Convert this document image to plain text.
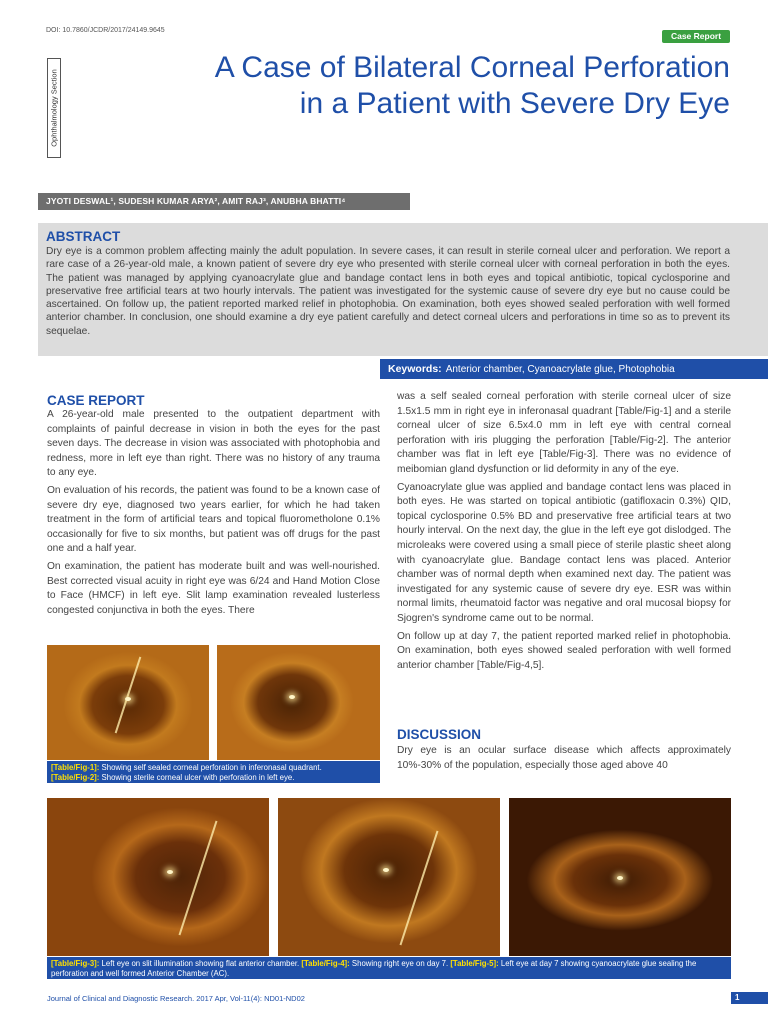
DOI: 10.7860/JCDR/2017/24149.9645
Case Report
Ophthalmology Section
A Case of Bilateral Corneal Perforation in a Patient with Severe Dry Eye
JYOTI DESWAL¹, SUDESH KUMAR ARYA², AMIT RAJ³, ANUBHA BHATTI⁴
ABSTRACT

Dry eye is a common problem affecting mainly the adult population. In severe cases, it can result in sterile corneal ulcer and perforation. We report a rare case of a 26-year-old male, a known patient of severe dry eye who presented with sterile corneal ulcer with corneal perforation in both the eyes. The patient was managed by applying cyanoacrylate glue and bandage contact lens in both eyes and topical antibiotic, topical cyclosporine and preservative free artificial tears at two hourly intervals. The patient was investigated for the systemic cause of severe dry eye but no cause could be ascertained. On follow up, the patient reported marked relief in photophobia. On examination, both eyes showed sealed perforation with well formed anterior chamber. In conclusion, one should examine a dry eye patient carefully and detect corneal ulcers and perforations in time so as to prevent its sequelae.

Keywords: Anterior chamber, Cyanoacrylate glue, Photophobia
CASE REPORT

A 26-year-old male presented to the outpatient department with complaints of painful decrease in vision in both the eyes for the past seven days. The decrease in vision was associated with photophobia and redness, more in left eye than right. There was no history of any trauma to any eye.

On evaluation of his records, the patient was found to be a known case of severe dry eye, diagnosed two years earlier, for which he had taken treatment in the form of artificial tears and topical fluorometholone 0.1% occasionally for five to six months, but patient was off drugs for the past one and a half year.

On examination, the patient has moderate built and was well-nourished. Best corrected visual acuity in right eye was 6/24 and Hand Motion Close to Face (HMCF) in left eye. Slit lamp examination revealed lusterless congested conjunctiva in both the eyes. There

was a self sealed corneal perforation with sterile corneal ulcer of size 1.5x1.5 mm in right eye in inferonasal quadrant [Table/Fig-1] and a sterile corneal ulcer of size 6.5x4.0 mm in left eye with central corneal perforation with iris plugging the perforation [Table/Fig-2]. The anterior chamber was flat in left eye [Table/Fig-3]. There was no evidence of meibomian gland dysfunction or lid deformity in any of the eye.

Cyanoacrylate glue was applied and bandage contact lens was placed in both eyes. He was started on topical antibiotic (gatifloxacin 0.3%) QID, topical cyclosporine 0.5% BD and preservative free artificial tears at two hourly interval. On the next day, the glue in the left eye got dislodged. The microleaks were covered using a small piece of sterile plastic sheet along with cyanoacrylate glue. Bandage contact lens was placed. Anterior chamber was of normal depth when examined next day. The patient was investigated for any systemic cause of severe dry eye. ESR was within normal limits, rheumatoid factor was negative and oral mucosal biopsy for Sjogren's syndrome came out to be normal.

On follow up at day 7, the patient reported marked relief in photophobia. On examination, both eyes showed sealed perforation with well formed anterior chamber [Table/Fig-4,5].

DISCUSSION

Dry eye is an ocular surface disease which affects approximately 10%-30% of the population, especially those aged above 40

[Table/Fig-1]: Showing self sealed corneal perforation in inferonasal quadrant.
[Table/Fig-2]: Showing sterile corneal ulcer with perforation in left eye.
[Table/Fig-3]: Left eye on slit illumination showing flat anterior chamber. [Table/Fig-4]: Showing right eye on day 7. [Table/Fig-5]: Left eye at day 7 showing cyanoacrylate glue sealing the perforation and well formed Anterior Chamber (AC).
Journal of Clinical and Diagnostic Research. 2017 Apr, Vol-11(4): ND01-ND02	1
